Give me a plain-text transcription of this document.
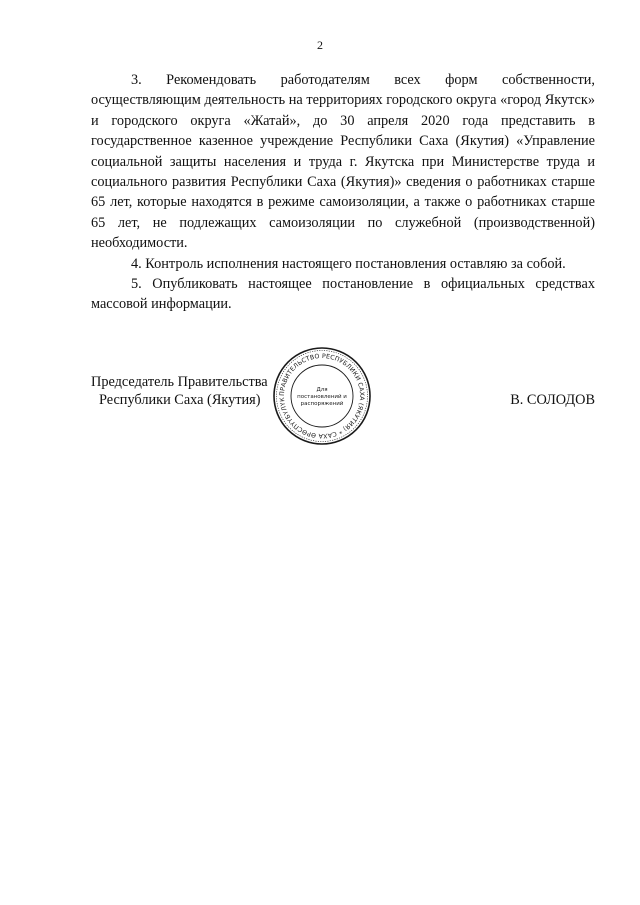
2

3. Рекомендовать работодателям всех форм собственности, осуществляющим деятельность на территориях городского округа «город Якутск» и городского округа «Жатай», до 30 апреля 2020 года представить в государственное казенное учреждение Республики Саха (Якутия) «Управление социальной защиты населения и труда г. Якутска при Министерстве труда и социального развития Республики Саха (Якутия)» сведения о работниках старше 65 лет, которые находятся в режиме самоизоляции, а также о работниках старше 65 лет, не подлежащих самоизоляции по служебной (производственной) необходимости.

4. Контроль исполнения настоящего постановления оставляю за собой.

5. Опубликовать настоящее постановление в официальных средствах массовой информации.

Председатель Правительства
Республики Саха (Якутия)	В. СОЛОДОВ
ПРАВИТЕЛЬСТВО РЕСПУБЛИКИ САХА (ЯКУТИЯ) * САХА ӨРӨСПҮҮБҮЛҮК
Для
постановлений и
распоряжений
